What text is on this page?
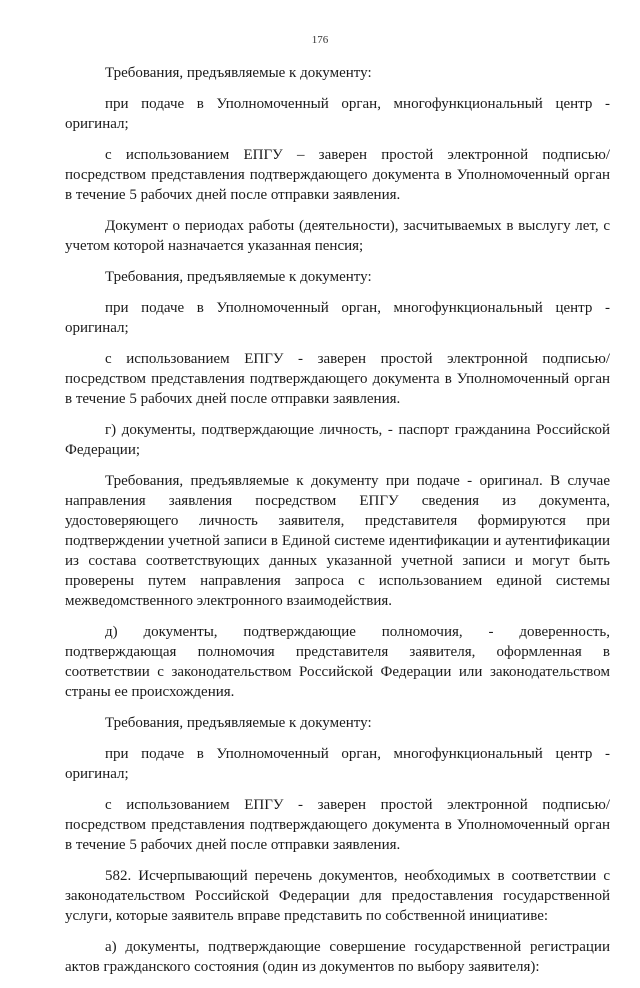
176

Требования, предъявляемые к документу:

при подаче в Уполномоченный орган, многофункциональный центр - оригинал;

с использованием ЕПГУ – заверен простой электронной подписью/ посредством представления подтверждающего документа в Уполномоченный орган в течение 5 рабочих дней после отправки заявления.

Документ о периодах работы (деятельности), засчитываемых в выслугу лет, с учетом которой назначается указанная пенсия;

Требования, предъявляемые к документу:

при подаче в Уполномоченный орган, многофункциональный центр - оригинал;

с использованием ЕПГУ - заверен простой электронной подписью/ посредством представления подтверждающего документа в Уполномоченный орган в течение 5 рабочих дней после отправки заявления.

г) документы, подтверждающие личность, - паспорт гражданина Российской Федерации;

Требования, предъявляемые к документу при подаче - оригинал. В случае направления заявления посредством ЕПГУ сведения из документа, удостоверяющего личность заявителя, представителя формируются при подтверждении учетной записи в Единой системе идентификации и аутентификации из состава соответствующих данных указанной учетной записи и могут быть проверены путем направления запроса с использованием единой системы межведомственного электронного взаимодействия.

д) документы, подтверждающие полномочия, - доверенность, подтверждающая полномочия представителя заявителя, оформленная в соответствии с законодательством Российской Федерации или законодательством страны ее происхождения.

Требования, предъявляемые к документу:

при подаче в Уполномоченный орган, многофункциональный центр - оригинал;

с использованием ЕПГУ - заверен простой электронной подписью/ посредством представления подтверждающего документа в Уполномоченный орган в течение 5 рабочих дней после отправки заявления.

582. Исчерпывающий перечень документов, необходимых в соответствии с законодательством Российской Федерации для предоставления государственной услуги, которые заявитель вправе представить по собственной инициативе:

а) документы, подтверждающие совершение государственной регистрации актов гражданского состояния (один из документов по выбору заявителя):
